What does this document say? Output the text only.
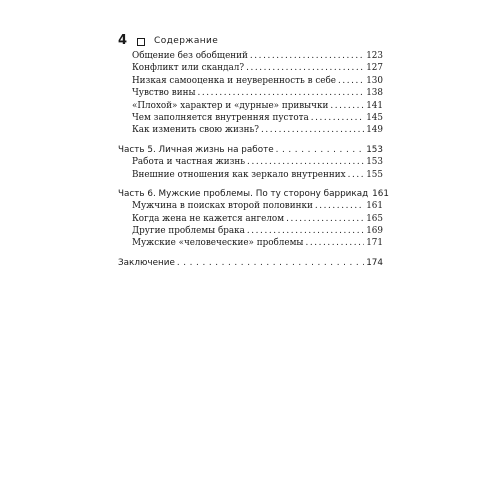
4	Содержание
Общение без обобщений . . .	123
Конфликт или скандал? . . .	127
Низкая самооценка и неуверенность в себе . . .	130
Чувство вины . . .	138
«Плохой» характер и «дурные» привычки . . .	141
Чем заполняется внутренняя пустота . . .	145
Как изменить свою жизнь? . . .	149
Часть 5. Личная жизнь на работе . . .	153
Работа и частная жизнь . . .	153
Внешние отношения как зеркало внутренних . . . 155
Часть 6. Мужские проблемы. По ту сторону баррикад 161
Мужчина в поисках второй половинки . . .	161
Когда жена не кажется ангелом . . .	165
Другие проблемы брака . . .	169
Мужские «человеческие» проблемы . . .	171
Заключение . . .	174
